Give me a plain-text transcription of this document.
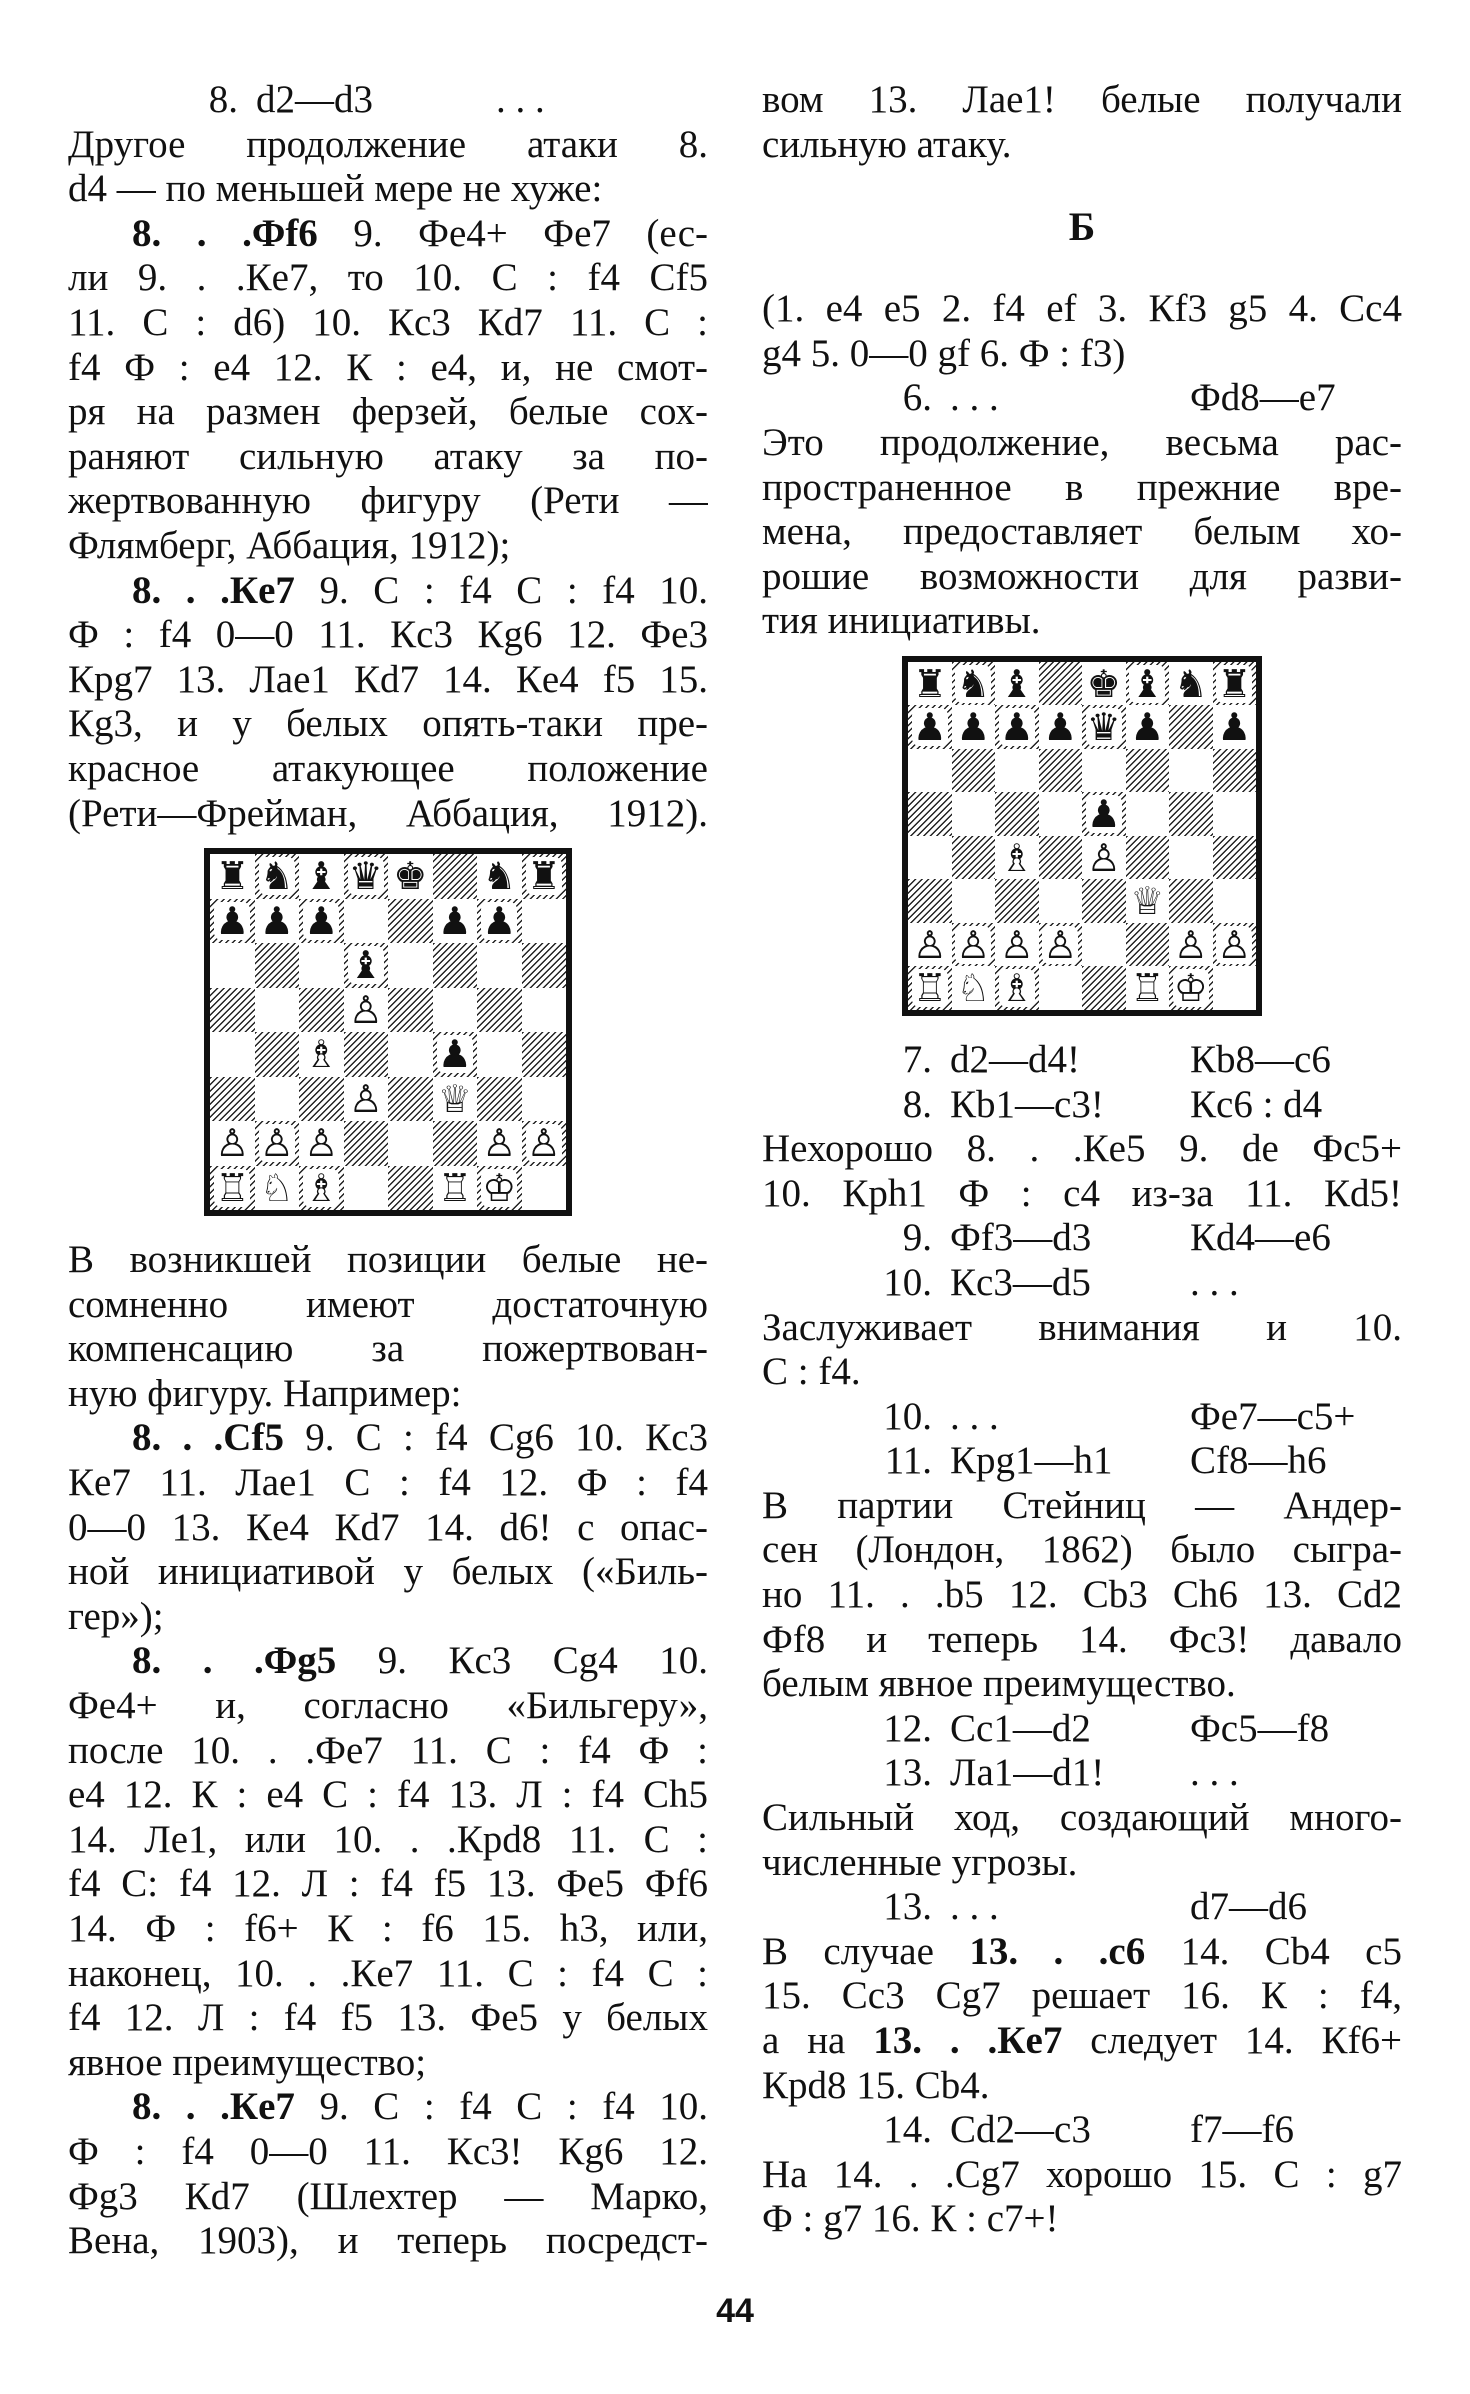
8. d2—d3	. . .
Другое продолжение атаки 8.
d4 — по меньшей мере не хуже:
8. . .Фf6 9. Фe4+ Фe7 (ес-
ли 9. . .Кe7, то 10. С : f4 Сf5
11. С : d6) 10. Кc3 Кd7 11. С :
f4 Ф : e4 12. К : e4, и, не смот-
ря на размен ферзей, белые сох-
раняют сильную атаку за по-
жертвованную фигуру (Рети —
Флямберг, Аббация, 1912);
8. . .Кe7 9. С : f4 С : f4 10.
Ф : f4 0—0 11. Кc3 Кg6 12. Фe3
Крg7 13. Лаe1 Кd7 14. Кe4 f5 15.
Кg3, и у белых опять-таки пре-
красное атакующее положение
(Рети—Фрейман, Аббация, 1912).
♜ ♞ ♝ ♛ ♚ ♞ ♜
♟ ♟ ♟	♟ ♟
♝
♙
♗	♟
♙ ♕
♙ ♙ ♙	♙ ♙
♖ ♘ ♗	♖ ♔
В возникшей позиции белые не-
сомненно имеют достаточную
компенсацию за пожертвован-
ную фигуру. Например:
8. . .Сf5 9. С : f4 Сg6 10. Кc3
Кe7 11. Лаe1 С : f4 12. Ф : f4
0—0 13. Кe4 Кd7 14. d6! с опас-
ной инициативой у белых («Биль-
гер»);
8. . .Фg5 9. Кc3 Сg4 10.
Фe4+ и, согласно «Бильгеру»,
после 10. . .Фe7 11. С : f4 Ф :
e4 12. К : e4 С : f4 13. Л : f4 Сh5
14. Лe1, или 10. . .Крd8 11. С :
f4 С: f4 12. Л : f4 f5 13. Фe5 Фf6
14. Ф : f6+ К : f6 15. h3, или,
наконец, 10. . .Кe7 11. С : f4 С :
f4 12. Л : f4 f5 13. Фe5 у белых
явное преимущество;
8. . .Кe7 9. С : f4 С : f4 10.
Ф : f4 0—0 11. Кc3! Кg6 12.
Фg3 Кd7 (Шлехтер — Марко,
Вена, 1903), и теперь посредст-
вом 13. Лаe1! белые получали
сильную атаку.
Б
(1. e4 e5 2. f4 ef 3. Кf3 g5 4. Сc4
g4 5. 0—0 gf 6. Ф : f3)
6. . . .	Фd8—e7
Это продолжение, весьма рас-
пространенное в прежние вре-
мена, предоставляет белым хо-
рошие возможности для разви-
тия инициативы.
♜ ♞ ♝ ♚ ♝ ♞ ♜
♟ ♟ ♟ ♟ ♛ ♟ ♟
♟
♗ ♙
♕
♙ ♙ ♙ ♙	♙ ♙
♖ ♘ ♗	♖ ♔
7. d2—d4!	Кb8—c6
8. Кb1—c3!	Кc6 : d4
Нехорошо 8. . .Кe5 9. de Фc5+
10. Крh1 Ф : c4 из-за 11. Кd5!
9. Фf3—d3	Кd4—e6
10. Кc3—d5	. . .
Заслуживает внимания и 10.
С : f4.
10. . . .	Фe7—c5+
11. Крg1—h1	Сf8—h6
В партии Стейниц — Андер-
сен (Лондон, 1862) было сыгра-
но 11. . .b5 12. Сb3 Сh6 13. Сd2
Фf8 и теперь 14. Фc3! давало
белым явное преимущество.
12. Сc1—d2	Фc5—f8
13. Лa1—d1!	. . .
Сильный ход, создающий много-
численные угрозы.
13. . . .	d7—d6
В случае 13. . .c6 14. Сb4 c5
15. Сc3 Сg7 решает 16. К : f4,
а на 13. . .Кe7 следует 14. Кf6+
Крd8 15. Сb4.
14. Сd2—c3	f7—f6
На 14. . .Сg7 хорошо 15. С : g7
Ф : g7 16. К : c7+!
44
